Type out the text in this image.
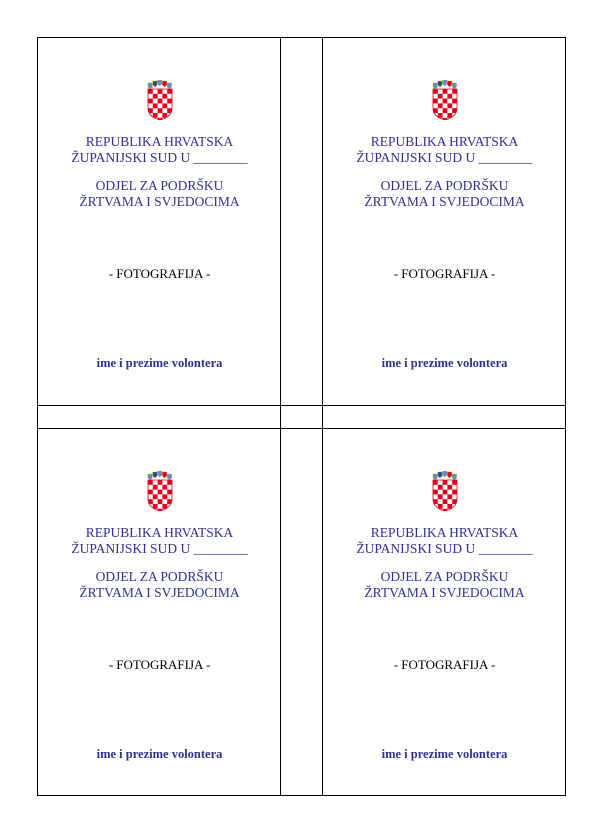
REPUBLIKA HRVATSKA
ŽUPANIJSKI SUD U ________
ODJEL ZA PODRŠKU
ŽRTVAMA I SVJEDOCIMA
- FOTOGRAFIJA -
ime i prezime volontera
REPUBLIKA HRVATSKA
ŽUPANIJSKI SUD U ________
ODJEL ZA PODRŠKU
ŽRTVAMA I SVJEDOCIMA
- FOTOGRAFIJA -
ime i prezime volontera
REPUBLIKA HRVATSKA
ŽUPANIJSKI SUD U ________
ODJEL ZA PODRŠKU
ŽRTVAMA I SVJEDOCIMA
- FOTOGRAFIJA -
ime i prezime volontera
REPUBLIKA HRVATSKA
ŽUPANIJSKI SUD U ________
ODJEL ZA PODRŠKU
ŽRTVAMA I SVJEDOCIMA
- FOTOGRAFIJA -
ime i prezime volontera
